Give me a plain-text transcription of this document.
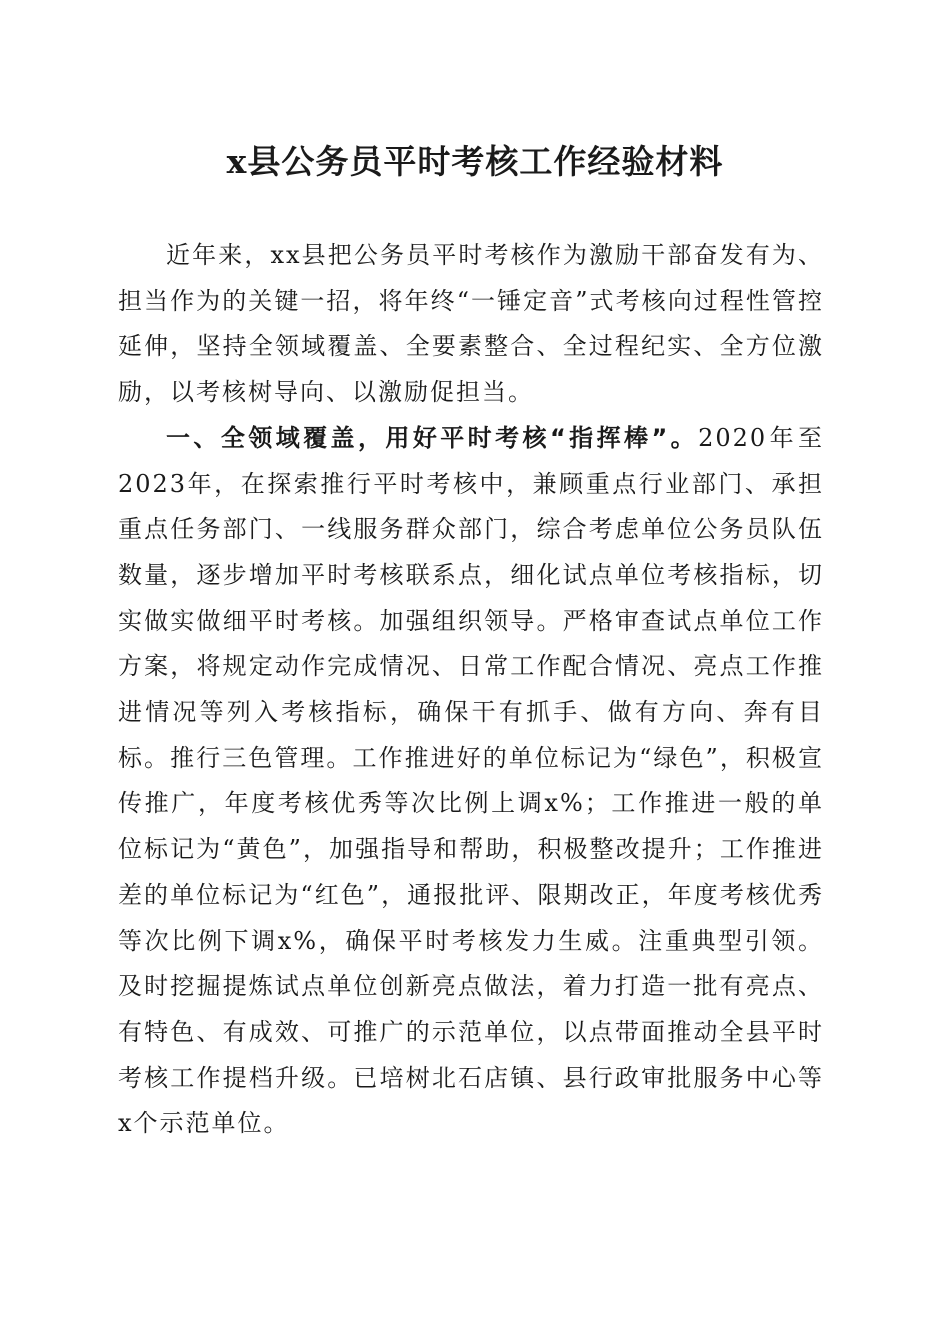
x县公务员平时考核工作经验材料

近年来，xx县把公务员平时考核作为激励干部奋发有为、担当作为的关键一招，将年终“一锤定音”式考核向过程性管控延伸，坚持全领域覆盖、全要素整合、全过程纪实、全方位激励，以考核树导向、以激励促担当。

一、全领域覆盖，用好平时考核“指挥棒”。2020年至2023年，在探索推行平时考核中，兼顾重点行业部门、承担重点任务部门、一线服务群众部门，综合考虑单位公务员队伍数量，逐步增加平时考核联系点，细化试点单位考核指标，切实做实做细平时考核。加强组织领导。严格审查试点单位工作方案，将规定动作完成情况、日常工作配合情况、亮点工作推进情况等列入考核指标，确保干有抓手、做有方向、奔有目标。推行三色管理。工作推进好的单位标记为“绿色”，积极宣传推广，年度考核优秀等次比例上调x%；工作推进一般的单位标记为“黄色”，加强指导和帮助，积极整改提升；工作推进差的单位标记为“红色”，通报批评、限期改正，年度考核优秀等次比例下调x%，确保平时考核发力生威。注重典型引领。及时挖掘提炼试点单位创新亮点做法，着力打造一批有亮点、有特色、有成效、可推广的示范单位，以点带面推动全县平时考核工作提档升级。已培树北石店镇、县行政审批服务中心等x个示范单位。
